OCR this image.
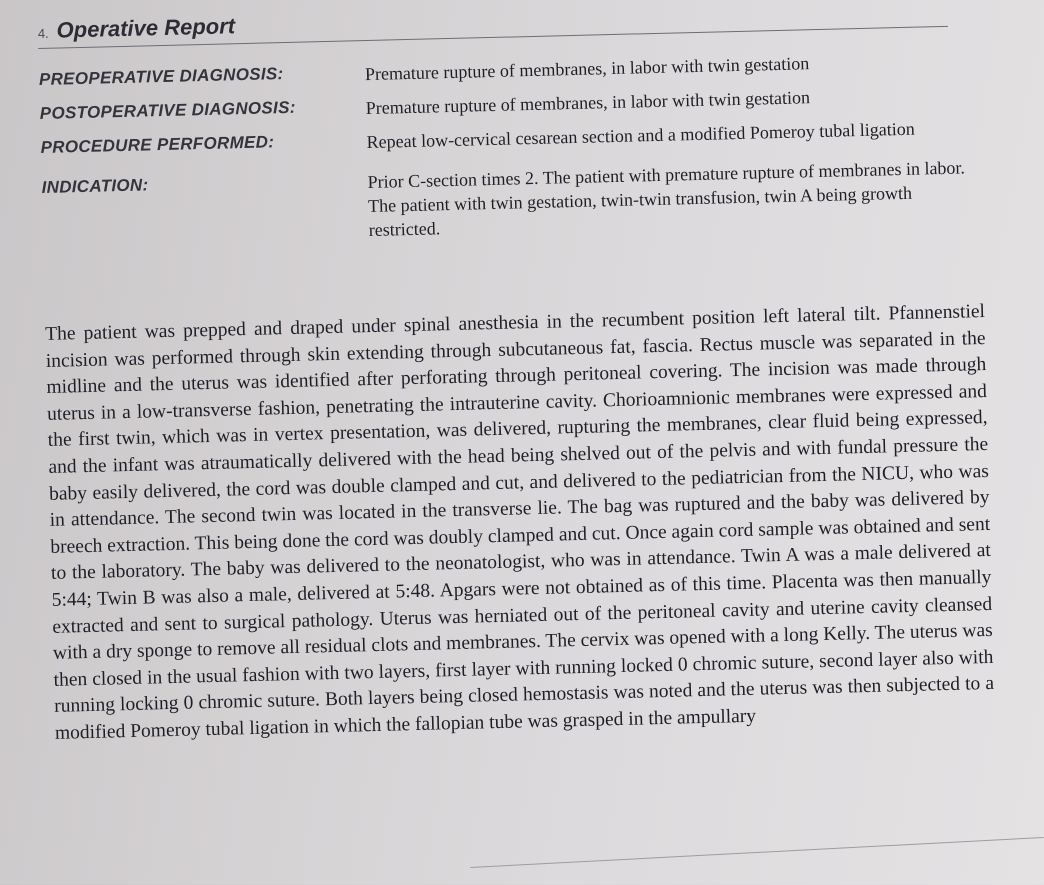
4. Operative Report
PREOPERATIVE DIAGNOSIS:	Premature rupture of membranes, in labor with twin gestation
POSTOPERATIVE DIAGNOSIS:	Premature rupture of membranes, in labor with twin gestation
PROCEDURE PERFORMED:	Repeat low-cervical cesarean section and a modified Pomeroy tubal ligation
INDICATION:	Prior C-section times 2. The patient with premature rupture of membranes in labor. The patient with twin gestation, twin-twin transfusion, twin A being growth restricted.
The patient was prepped and draped under spinal anesthesia in the recumbent position left lateral tilt. Pfannenstiel incision was performed through skin extending through subcutaneous fat, fascia. Rectus muscle was separated in the midline and the uterus was identified after perforating through peritoneal covering. The incision was made through uterus in a low-transverse fashion, penetrating the intrauterine cavity. Chorioamnionic membranes were expressed and the first twin, which was in vertex presentation, was delivered, rupturing the membranes, clear fluid being expressed, and the infant was atraumatically delivered with the head being shelved out of the pelvis and with fundal pressure the baby easily delivered, the cord was double clamped and cut, and delivered to the pediatrician from the NICU, who was in attendance. The second twin was located in the transverse lie. The bag was ruptured and the baby was delivered by breech extraction. This being done the cord was doubly clamped and cut. Once again cord sample was obtained and sent to the laboratory. The baby was delivered to the neonatologist, who was in attendance. Twin A was a male delivered at 5:44; Twin B was also a male, delivered at 5:48. Apgars were not obtained as of this time. Placenta was then manually extracted and sent to surgical pathology. Uterus was herniated out of the peritoneal cavity and uterine cavity cleansed with a dry sponge to remove all residual clots and membranes. The cervix was opened with a long Kelly. The uterus was then closed in the usual fashion with two layers, first layer with running locked 0 chromic suture, second layer also with running locking 0 chromic suture. Both layers being closed hemostasis was noted and the uterus was then subjected to a modified Pomeroy tubal ligation in which the fallopian tube was grasped in the ampullary
